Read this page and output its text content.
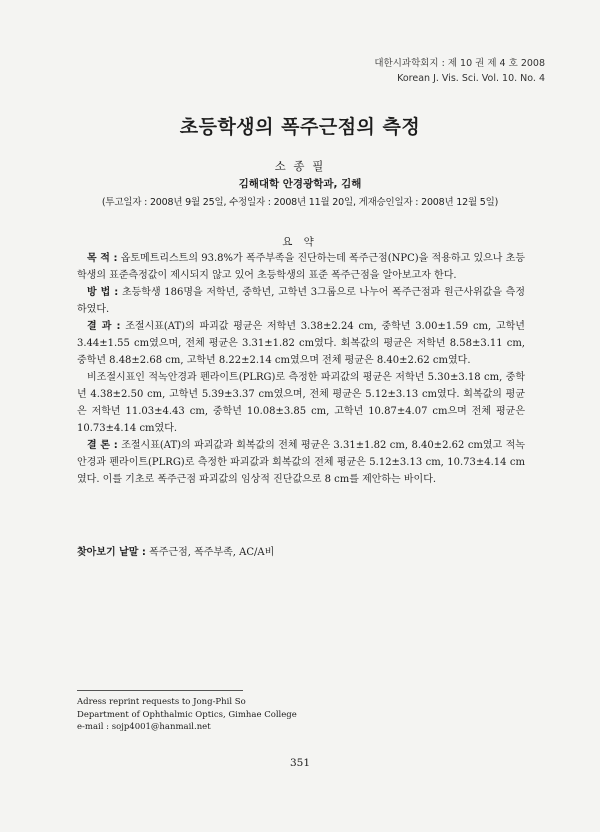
대한시과학회지 : 제 10 권 제 4 호 2008
Korean J. Vis. Sci. Vol. 10. No. 4
초등학생의 폭주근점의 측정
소 종 필
김해대학 안경광학과, 김해
(투고일자 : 2008년 9월 25일, 수정일자 : 2008년 11월 20일, 게재승인일자 : 2008년 12월 5일)
요 약

목 적 : 옵토메트리스트의 93.8%가 폭주부족을 진단하는데 폭주근점(NPC)을 적용하고 있으나 초등학생의 표준측정값이 제시되지 않고 있어 초등학생의 표준 폭주근점을 알아보고자 한다.

방 법 : 초등학생 186명을 저학년, 중학년, 고학년 3그룹으로 나누어 폭주근점과 원근사위값을 측정하였다.

결 과 : 조절시표(AT)의 파괴값 평균은 저학년 3.38±2.24 cm, 중학년 3.00±1.59 cm, 고학년 3.44±1.55 cm였으며, 전체 평균은 3.31±1.82 cm였다. 회복값의 평균은 저학년 8.58±3.11 cm, 중학년 8.48±2.68 cm, 고학년 8.22±2.14 cm였으며 전체 평균은 8.40±2.62 cm였다.

비조절시표인 적녹안경과 펜라이트(PLRG)로 측정한 파괴값의 평균은 저학년 5.30±3.18 cm, 중학년 4.38±2.50 cm, 고학년 5.39±3.37 cm였으며, 전체 평균은 5.12±3.13 cm였다. 회복값의 평균은 저학년 11.03±4.43 cm, 중학년 10.08±3.85 cm, 고학년 10.87±4.07 cm으며 전체 평균은 10.73±4.14 cm였다.

결 론 : 조절시표(AT)의 파괴값과 회복값의 전체 평균은 3.31±1.82 cm, 8.40±2.62 cm였고 적녹안경과 펜라이트(PLRG)로 측정한 파괴값과 회복값의 전체 평균은 5.12±3.13 cm, 10.73±4.14 cm였다. 이를 기초로 폭주근점 파괴값의 임상적 진단값으로 8 cm를 제안하는 바이다.

찾아보기 낱말 : 폭주근점, 폭주부족, AC/A비
Adress reprint requests to Jong-Phil So
Department of Ophthalmic Optics, Gimhae College
e-mail : sojp4001@hanmail.net
351
